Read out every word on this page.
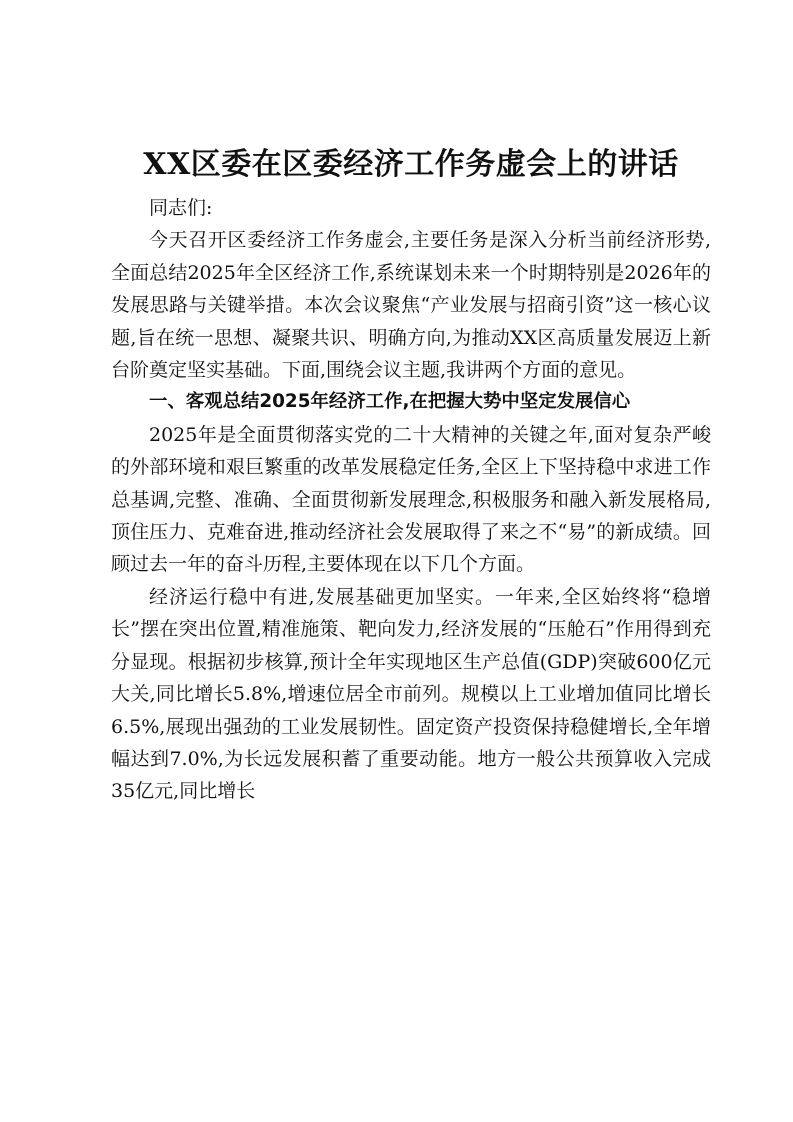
XX区委在区委经济工作务虚会上的讲话

同志们:

今天召开区委经济工作务虚会,主要任务是深入分析当前经济形势,全面总结2025年全区经济工作,系统谋划未来一个时期特别是2026年的发展思路与关键举措。本次会议聚焦“产业发展与招商引资”这一核心议题,旨在统一思想、凝聚共识、明确方向,为推动XX区高质量发展迈上新台阶奠定坚实基础。下面,围绕会议主题,我讲两个方面的意见。

一、客观总结2025年经济工作,在把握大势中坚定发展信心

2025年是全面贯彻落实党的二十大精神的关键之年,面对复杂严峻的外部环境和艰巨繁重的改革发展稳定任务,全区上下坚持稳中求进工作总基调,完整、准确、全面贯彻新发展理念,积极服务和融入新发展格局,顶住压力、克难奋进,推动经济社会发展取得了来之不“易”的新成绩。回顾过去一年的奋斗历程,主要体现在以下几个方面。

经济运行稳中有进,发展基础更加坚实。一年来,全区始终将“稳增长”摆在突出位置,精准施策、靶向发力,经济发展的“压舱石”作用得到充分显现。根据初步核算,预计全年实现地区生产总值(GDP)突破600亿元大关,同比增长5.8%,增速位居全市前列。规模以上工业增加值同比增长6.5%,展现出强劲的工业发展韧性。固定资产投资保持稳健增长,全年增幅达到7.0%,为长远发展积蓄了重要动能。地方一般公共预算收入完成35亿元,同比增长
